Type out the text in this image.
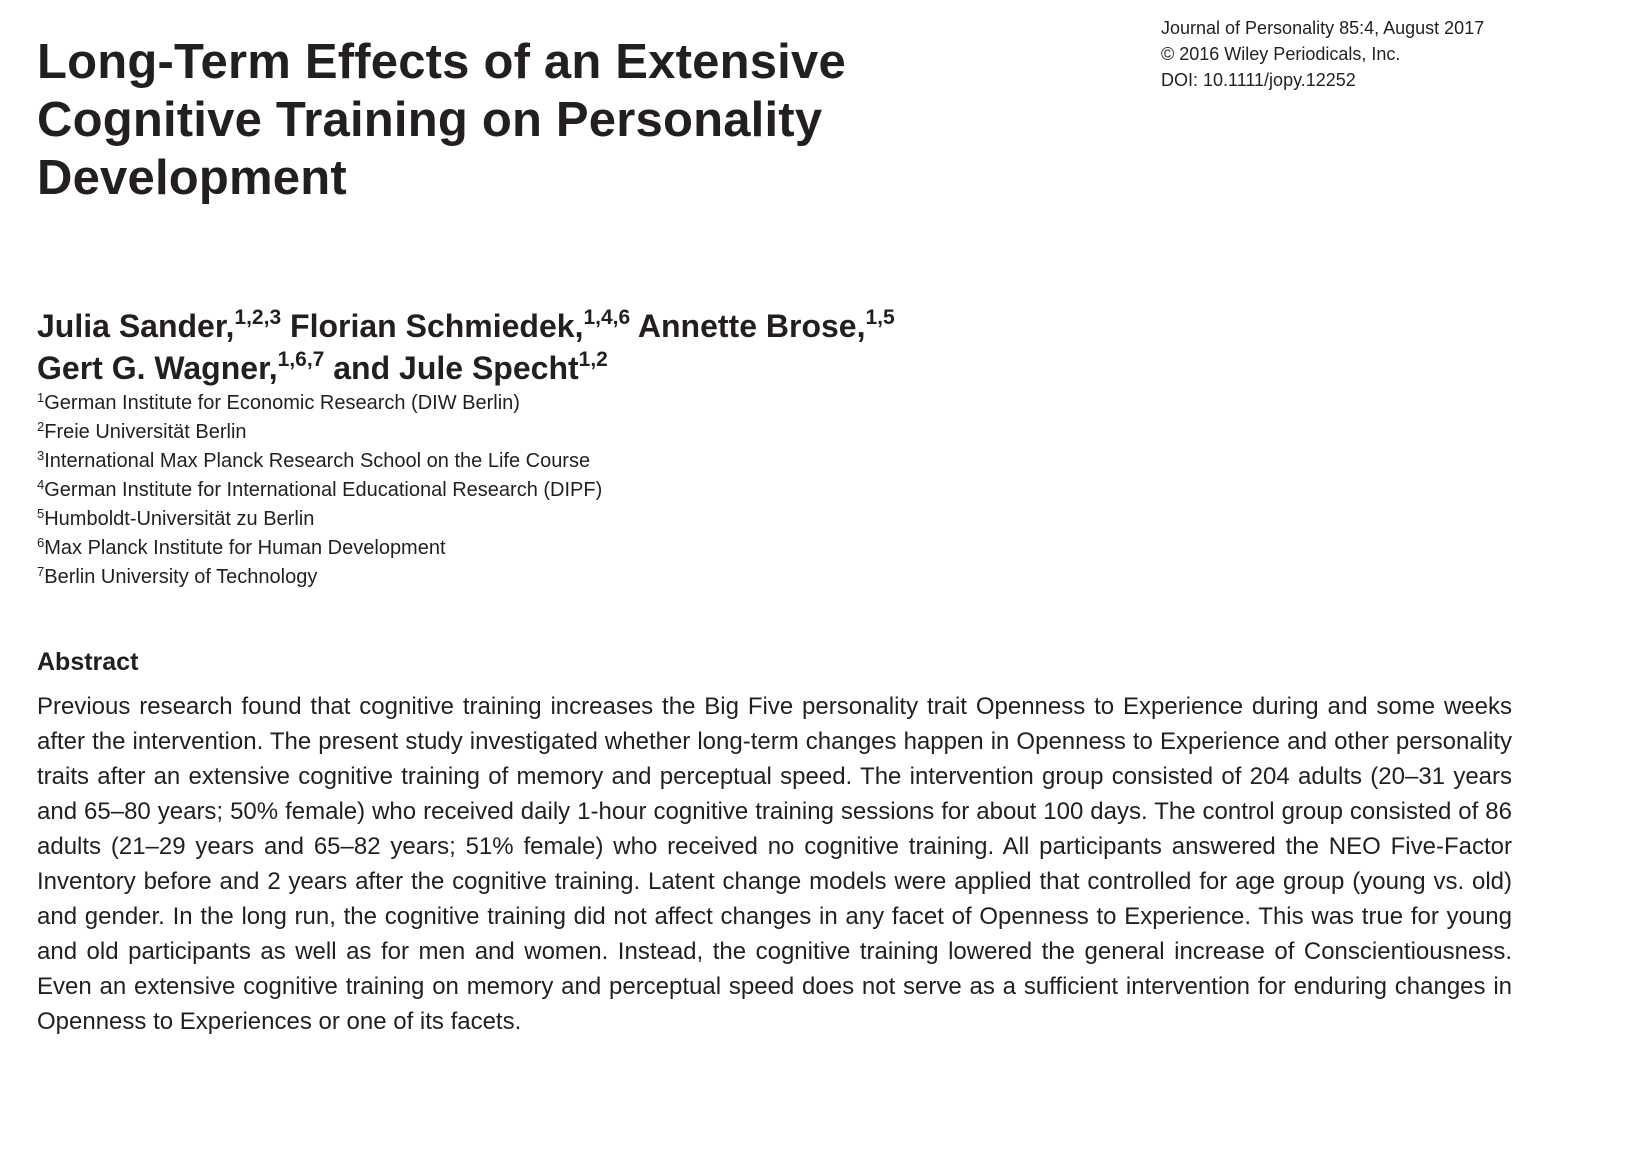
Journal of Personality 85:4, August 2017
© 2016 Wiley Periodicals, Inc.
DOI: 10.1111/jopy.12252
Long-Term Effects of an Extensive Cognitive Training on Personality Development
Julia Sander,$^{1,2,3}$ Florian Schmiedek,$^{1,4,6}$ Annette Brose,$^{1,5}$
Gert G. Wagner,$^{1,6,7}$ and Jule Specht$^{1,2}$
$^1$German Institute for Economic Research (DIW Berlin)
$^2$Freie Universität Berlin
$^3$International Max Planck Research School on the Life Course
$^4$German Institute for International Educational Research (DIPF)
$^5$Humboldt-Universität zu Berlin
$^6$Max Planck Institute for Human Development
$^7$Berlin University of Technology
Abstract

Previous research found that cognitive training increases the Big Five personality trait Openness to Experience during and some weeks after the intervention. The present study investigated whether long-term changes happen in Openness to Experience and other personality traits after an extensive cognitive training of memory and perceptual speed. The intervention group consisted of 204 adults (20–31 years and 65–80 years; 50% female) who received daily 1-hour cognitive training sessions for about 100 days. The control group consisted of 86 adults (21–29 years and 65–82 years; 51% female) who received no cognitive training. All participants answered the NEO Five-Factor Inventory before and 2 years after the cognitive training. Latent change models were applied that controlled for age group (young vs. old) and gender. In the long run, the cognitive training did not affect changes in any facet of Openness to Experience. This was true for young and old participants as well as for men and women. Instead, the cognitive training lowered the general increase of Conscientiousness. Even an extensive cognitive training on memory and perceptual speed does not serve as a sufficient intervention for enduring changes in Openness to Experiences or one of its facets.
